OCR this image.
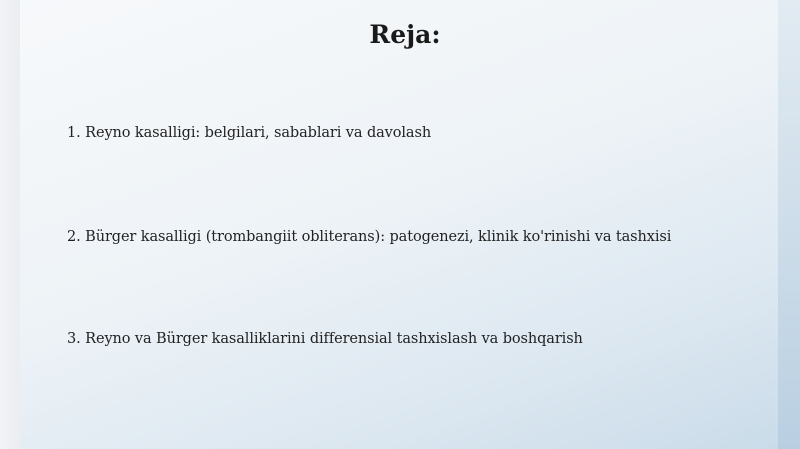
Reja:
1. Reyno kasalligi: belgilari, sabablari va davolash
2. Bürger kasalligi (trombangiit obliterans): patogenezi, klinik ko'rinishi va tashxisi
3. Reyno va Bürger kasalliklarini differensial tashxislash va boshqarish
